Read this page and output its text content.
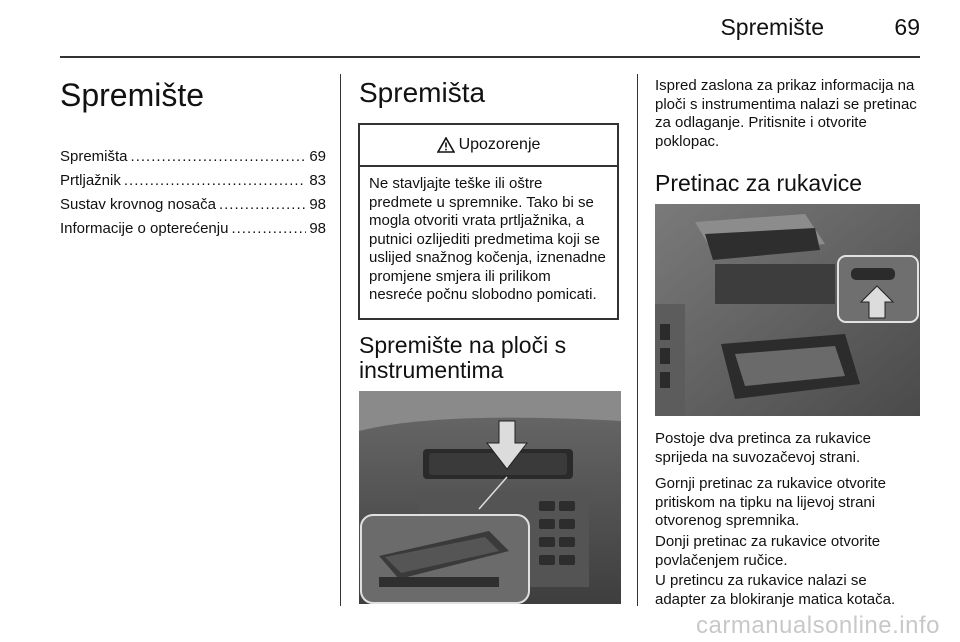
Spremište	69
Spremište
Spremišta .....	69
Prtljažnik .....	83
Sustav krovnog nosača .....	98
Informacije o opterećenju .....	98
Spremišta
Upozorenje
Ne stavljajte teške ili oštre predmete u spremnike. Tako bi se mogla otvoriti vrata prtljažnika, a putnici ozlijediti predmetima koji se uslijed snažnog kočenja, iznenadne promjene smjera ili prilikom nesreće počnu slobodno pomicati.
Spremište na ploči s instrumentima
Ispred zaslona za prikaz informacija na ploči s instrumentima nalazi se pretinac za odlaganje. Pritisnite i otvorite poklopac.
Pretinac za rukavice
Postoje dva pretinca za rukavice sprijeda na suvozačevoj strani.
Gornji pretinac za rukavice otvorite pritiskom na tipku na lijevoj strani otvorenog spremnika.
Donji pretinac za rukavice otvorite povlačenjem ručice.
U pretincu za rukavice nalazi se adapter za blokiranje matica kotača.
carmanualsonline.info
